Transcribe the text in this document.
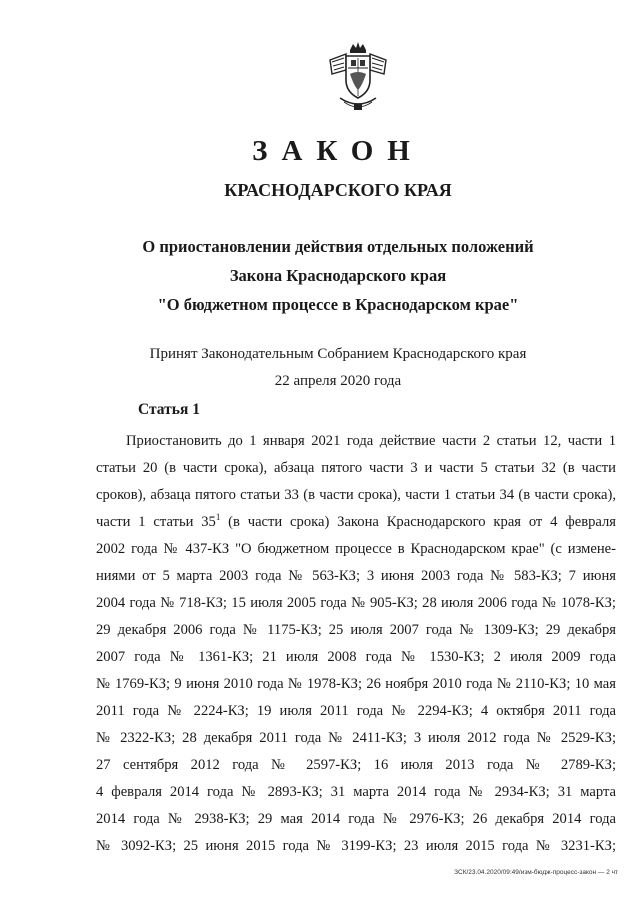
ЗАКОН
КРАСНОДАРСКОГО КРАЯ
О приостановлении действия отдельных положений
Закона Краснодарского края
"О бюджетном процессе в Краснодарском крае"
Принят Законодательным Собранием Краснодарского края
22 апреля 2020 года
Статья 1
Приостановить до 1 января 2021 года действие части 2 статьи 12, части 1
статьи 20 (в части срока), абзаца пятого части 3 и части 5 статьи 32 (в части
сроков), абзаца пятого статьи 33 (в части срока), части 1 статьи 34 (в части срока),
части 1 статьи $35^1$ (в части срока) Закона Краснодарского края от 4 февраля
2002 года № 437-КЗ "О бюджетном процессе в Краснодарском крае" (с измене-
ниями от 5 марта 2003 года № 563-КЗ; 3 июня 2003 года № 583-КЗ; 7 июня
2004 года № 718-КЗ; 15 июля 2005 года № 905-КЗ; 28 июля 2006 года № 1078-КЗ;
29 декабря 2006 года № 1175-КЗ; 25 июля 2007 года № 1309-КЗ; 29 декабря
2007 года № 1361-КЗ; 21 июля 2008 года № 1530-КЗ; 2 июля 2009 года
№ 1769-КЗ; 9 июня 2010 года № 1978-КЗ; 26 ноября 2010 года № 2110-КЗ; 10 мая
2011 года № 2224-КЗ; 19 июля 2011 года № 2294-КЗ; 4 октября 2011 года
№ 2322-КЗ; 28 декабря 2011 года № 2411-КЗ; 3 июля 2012 года № 2529-КЗ;
27 сентября 2012 года № 2597-КЗ; 16 июля 2013 года № 2789-КЗ;
4 февраля 2014 года № 2893-КЗ; 31 марта 2014 года № 2934-КЗ; 31 марта
2014 года № 2938-КЗ; 29 мая 2014 года № 2976-КЗ; 26 декабря 2014 года
№ 3092-КЗ; 25 июня 2015 года № 3199-КЗ; 23 июля 2015 года № 3231-КЗ;
ЗСК/23.04.2020/09:49/изм-бюдж-процесс-закон — 2 чт
